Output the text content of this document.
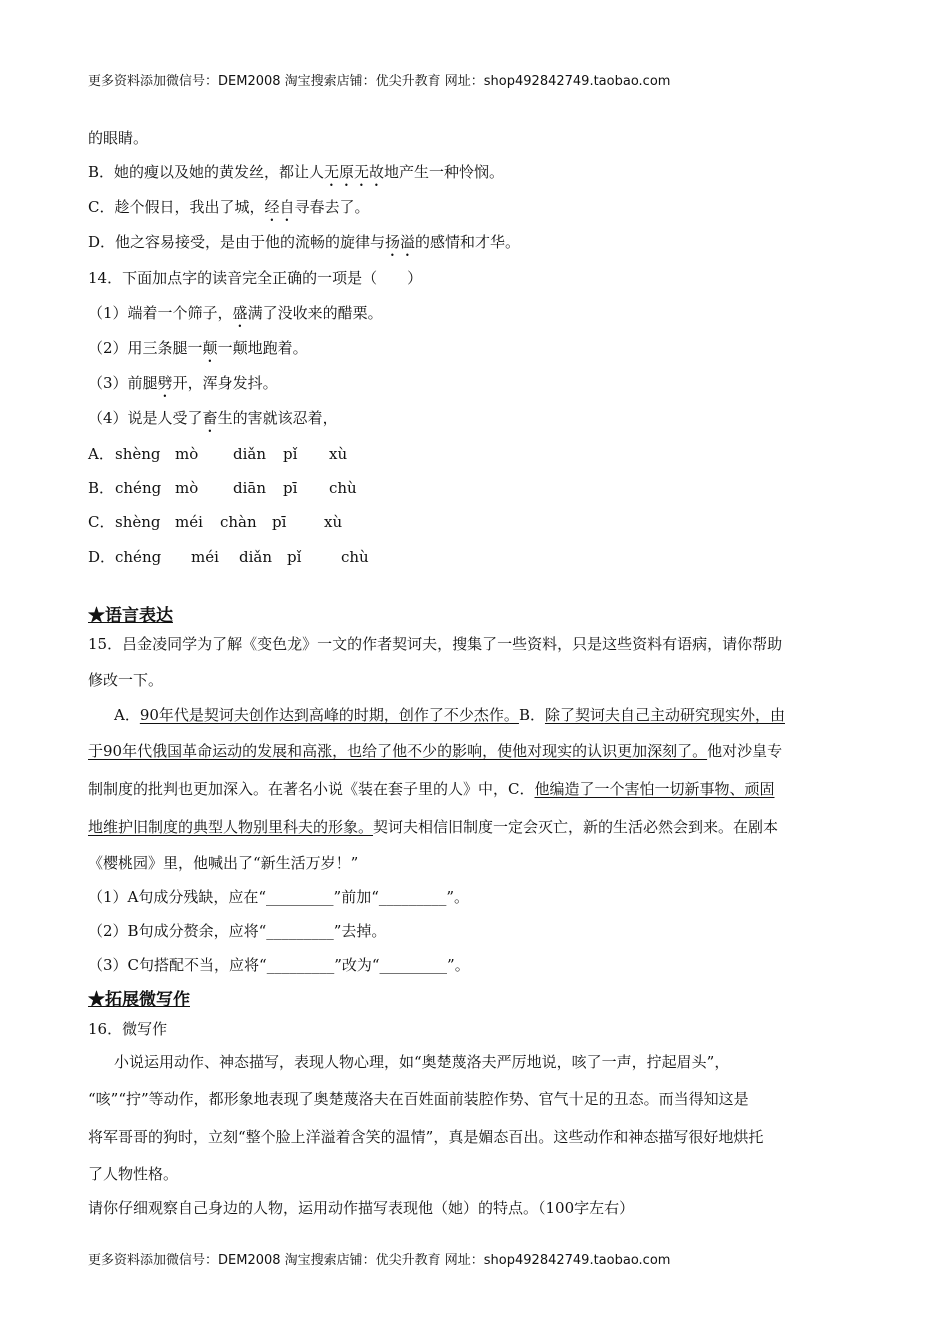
更多资料添加微信号：DEM2008 淘宝搜索店铺：优尖升教育 网址：shop492842749.taobao.com
的眼睛。
B．她的瘦以及她的黄发丝，都让人无原无故地产生一种怜悯。
C．趁个假日，我出了城，经自寻春去了。
D．他之容易接受，是由于他的流畅的旋律与扬溢的感情和才华。
14．下面加点字的读音完全正确的一项是（　　）
（1）端着一个筛子，盛满了没收来的醋栗。
（2）用三条腿一颠一颠地跑着。
（3）前腿劈开，浑身发抖。
（4）说是人受了畜生的害就该忍着，
A．shèng mò diǎn pǐ xù
B．chéng mò diān pī chù
C．shèng méi chàn pī	xù
D．chéng méi diǎn pǐ	chù
★语言表达
15．吕金凌同学为了解《变色龙》一文的作者契诃夫，搜集了一些资料，只是这些资料有语病，请你帮助
修改一下。
A．90年代是契诃夫创作达到高峰的时期，创作了不少杰作。B．除了契诃夫自己主动研究现实外，由
于90年代俄国革命运动的发展和高涨，也给了他不少的影响，使他对现实的认识更加深刻了。他对沙皇专
制制度的批判也更加深入。在著名小说《装在套子里的人》中，C．他编造了一个害怕一切新事物、顽固
地维护旧制度的典型人物别里科夫的形象。契诃夫相信旧制度一定会灭亡，新的生活必然会到来。在剧本
《樱桃园》里，他喊出了“新生活万岁！”
（1）A句成分残缺，应在“_________”前加“_________”。
（2）B句成分赘余，应将“_________”去掉。
（3）C句搭配不当，应将“_________”改为“_________”。
★拓展微写作
16．微写作
小说运用动作、神态描写，表现人物心理，如“奥楚蔑洛夫严厉地说，咳了一声，拧起眉头”，
“咳”“拧”等动作，都形象地表现了奥楚蔑洛夫在百姓面前装腔作势、官气十足的丑态。而当得知这是
将军哥哥的狗时，立刻“整个脸上洋溢着含笑的温情”，真是媚态百出。这些动作和神态描写很好地烘托
了人物性格。
请你仔细观察自己身边的人物，运用动作描写表现他（她）的特点。（100字左右）
更多资料添加微信号：DEM2008 淘宝搜索店铺：优尖升教育 网址：shop492842749.taobao.com
